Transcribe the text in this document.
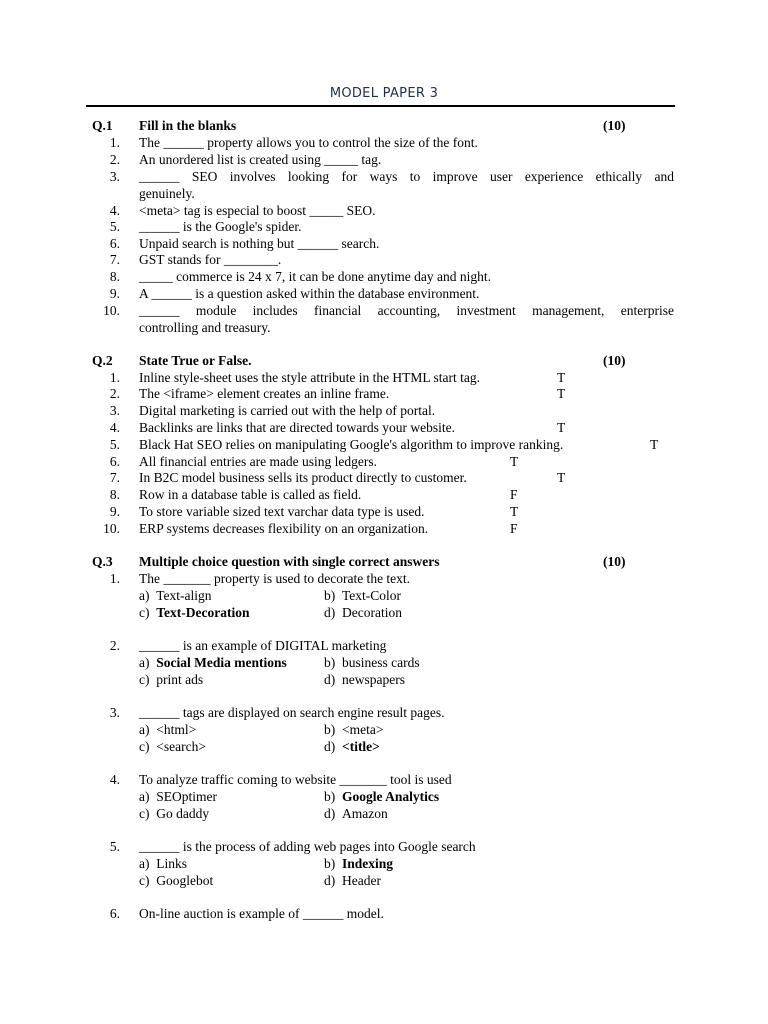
MODEL PAPER 3
Q.1 Fill in the blanks	(10)
1. The ______ property allows you to control the size of the font.
2. An unordered list is created using _____ tag.
3. ______ SEO involves looking for ways to improve user experience ethically and
genuinely.
4. <meta> tag is especial to boost _____ SEO.
5. ______ is the Google's spider.
6. Unpaid search is nothing but ______ search.
7. GST stands for ________.
8. _____ commerce is 24 x 7, it can be done anytime day and night.
9. A ______ is a question asked within the database environment.
10. ______ module includes financial accounting, investment management, enterprise
controlling and treasury.
Q.2 State True or False.	(10)
1. Inline style-sheet uses the style attribute in the HTML start tag.	T
2. The <iframe> element creates an inline frame.	T
3. Digital marketing is carried out with the help of portal.
4. Backlinks are links that are directed towards your website.	T
5. Black Hat SEO relies on manipulating Google's algorithm to improve ranking.	T
6. All financial entries are made using ledgers.	T
7. In B2C model business sells its product directly to customer.	T
8. Row in a database table is called as field.	F
9. To store variable sized text varchar data type is used.	T
10. ERP systems decreases flexibility on an organization.	F
Q.3 Multiple choice question with single correct answers	(10)
1. The _______ property is used to decorate the text.
a) Text-align	b) Text-Color
c) Text-Decoration	d) Decoration
2. ______ is an example of DIGITAL marketing
a) Social Media mentions	b) business cards
c) print ads	d) newspapers
3. ______ tags are displayed on search engine result pages.
a) <html>	b) <meta>
c) <search>	d) <title>
4. To analyze traffic coming to website _______ tool is used
a) SEOptimer	b) Google Analytics
c) Go daddy	d) Amazon
5. ______ is the process of adding web pages into Google search
a) Links	b) Indexing
c) Googlebot	d) Header
6. On-line auction is example of ______ model.
